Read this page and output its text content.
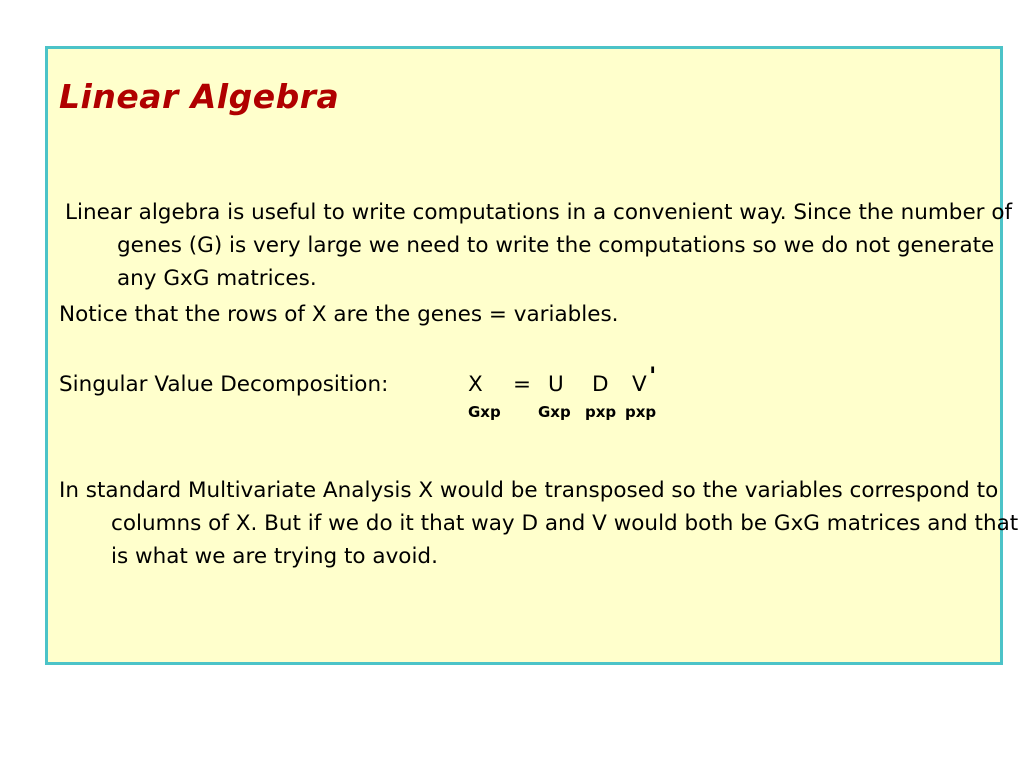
Linear Algebra

Linear algebra is useful to write computations in a convenient way. Since the number of genes (G) is very large we need to write the computations so we do not generate any GxG matrices.

Notice that the rows of X are the genes = variables.

Singular Value Decomposition:	X = U D V '
Gxp Gxp pxp pxp

In standard Multivariate Analysis X would be transposed so the variables correspond to columns of X. But if we do it that way D and V would both be GxG matrices and that is what we are trying to avoid.
